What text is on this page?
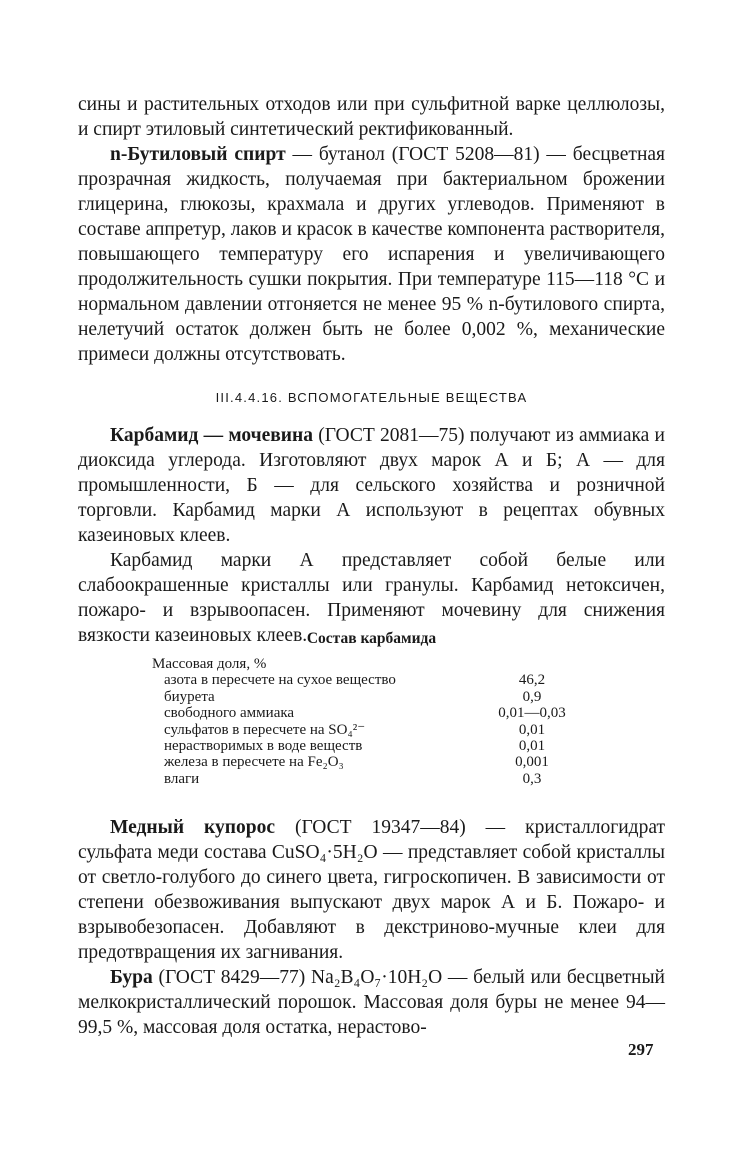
сины и растительных отходов или при сульфитной варке целлюлозы, и спирт этиловый синтетический ректификованный.

n-Бутиловый спирт — бутанол (ГОСТ 5208—81) — бесцветная прозрачная жидкость, получаемая при бактериальном брожении глицерина, глюкозы, крахмала и других углеводов. Применяют в составе аппретур, лаков и красок в качестве компонента растворителя, повышающего температуру его испарения и увеличивающего продолжительность сушки покрытия. При температуре 115—118 °C и нормальном давлении отгоняется не менее 95 % n-бутилового спирта, нелетучий остаток должен быть не более 0,002 %, механические примеси должны отсутствовать.

III.4.4.16. ВСПОМОГАТЕЛЬНЫЕ ВЕЩЕСТВА

Карбамид — мочевина (ГОСТ 2081—75) получают из аммиака и диоксида углерода. Изготовляют двух марок А и Б; А — для промышленности, Б — для сельского хозяйства и розничной торговли. Карбамид марки А используют в рецептах обувных казеиновых клеев.

Карбамид марки А представляет собой белые или слабоокрашенные кристаллы или гранулы. Карбамид нетоксичен, пожаро- и взрывоопасен. Применяют мочевину для снижения вязкости казеиновых клеев. Состав карбамида
Массовая доля, %
азота в пересчете на сухое вещество	46,2
биурета	0,9
свободного аммиака	0,01—0,03
сульфатов в пересчете на SO₄²⁻	0,01
нерастворимых в воде веществ	0,01
железа в пересчете на Fe₂O₃	0,001
влаги	0,3

Медный купорос (ГОСТ 19347—84) — кристаллогидрат сульфата меди состава CuSO₄·5H₂O — представляет собой кристаллы от светло-голубого до синего цвета, гигроскопичен. В зависимости от степени обезвоживания выпускают двух марок А и Б. Пожаро- и взрывобезопасен. Добавляют в декстриново-мучные клеи для предотвращения их загнивания.

Бура (ГОСТ 8429—77) Na₂B₄O₇·10H₂O — белый или бесцветный мелкокристаллический порошок. Массовая доля буры не менее 94—99,5 %, массовая доля остатка, нерастово-

297
